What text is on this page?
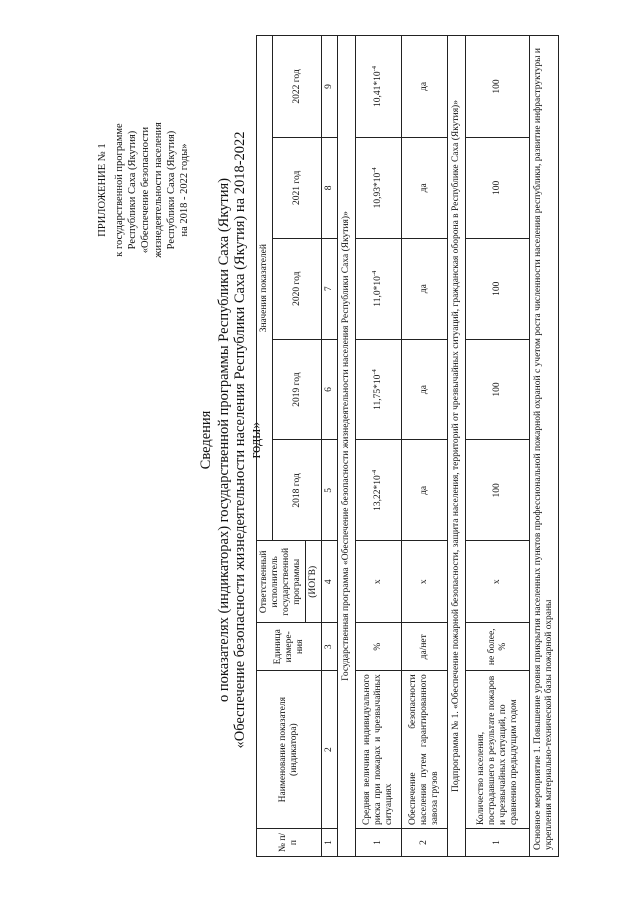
ПРИЛОЖЕНИЕ № 1 к государственной программе Республики Саха (Якутия) «Обеспечение безопасности жизнедеятельности населения Республики Саха (Якутия) на 2018 - 2022 годы»
Сведения о показателях (индикаторах) государственной программы Республики Саха (Якутия) «Обеспечение безопасности жизнедеятельности населения Республики Саха (Якутия) на 2018-2022 годы»
№ п/п	Наименование показателя (индикатора)	Единица измере-ния	Ответственный исполнитель государственной программы	Значения показателей				
				2018 год	2019 год	2020 год	2021 год	2022 год
			(ИОГВ)					
1	2	3	4	5	6	7	8	9
Государственная программа «Обеспечение безопасности жизнедеятельности населения Республики Саха (Якутия)»								
1	Средняя величина индивидуального риска при пожарах и чрезвычайных ситуациях	%	х	$13,22*10^{-4}$	$11,75*10^{-4}$	$11,0*10^{-4}$	$10,93*10^{-4}$	$10,41*10^{-4}$
2	Обеспечение безопасности населения путем гарантированного завоза грузов	да/нет	х	да	да	да	да	да
Подпрограмма № 1. «Обеспечение пожарной безопасности, защита населения, территорий от чрезвычайных ситуаций, гражданская оборона в Республике Саха (Якутия)»								
1	Количество населения, пострадавшего в результате пожаров и чрезвычайных ситуаций, по сравнению предыдущим годом	не более, %	х	100	100	100	100	100
Основное мероприятие 1. Повышение уровня прикрытия населенных пунктов профессиональной пожарной охраной с учетом роста численности населения республики, развитие инфраструктуры и укрепления материально-технической базы пожарной охраны								
